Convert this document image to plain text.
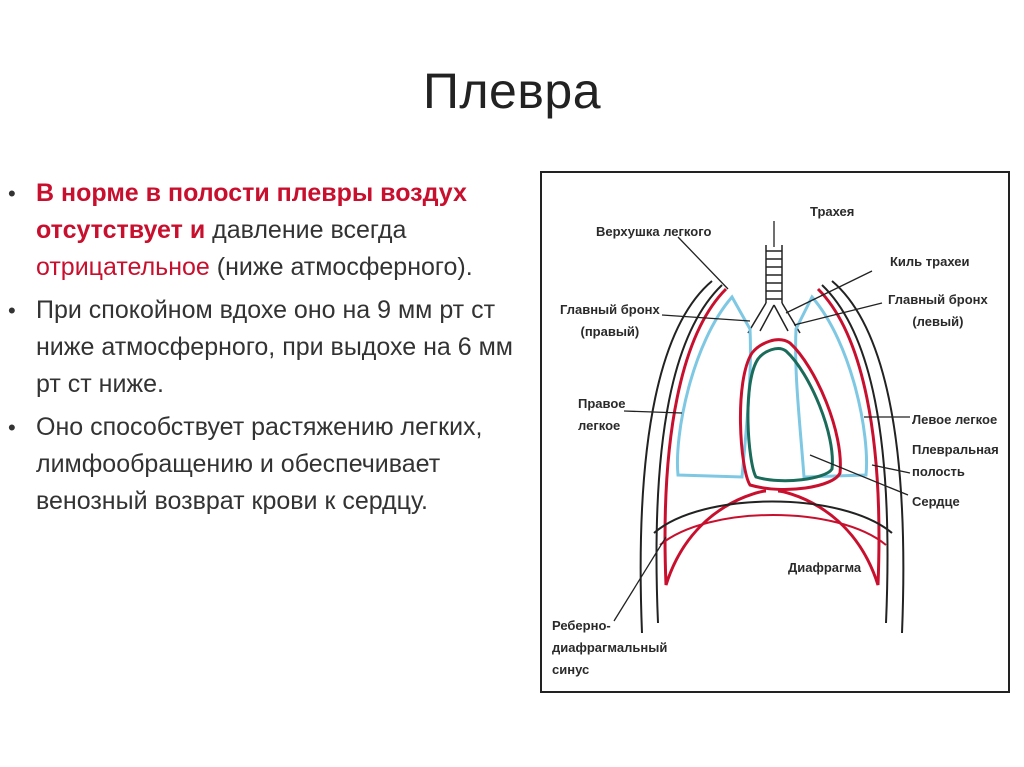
Плевра
• В норме в полости плевры воздух отсутствует и давление всегда отрицательное (ниже атмосферного).
• При спокойном вдохе оно на 9 мм рт ст ниже атмосферного, при выдохе на 6 мм рт ст ниже.
• Оно способствует растяжению легких, лимфообращению и обеспечивает венозный возврат крови к сердцу.
Трахея
Верхушка легкого
Киль трахеи
Главный бронх
(правый)
Главный бронх
(левый)
Правое
легкое	Левое легкое
Плевральная
полость
Сердце
Диафрагма
Реберно-
диафрагмальный
синус
